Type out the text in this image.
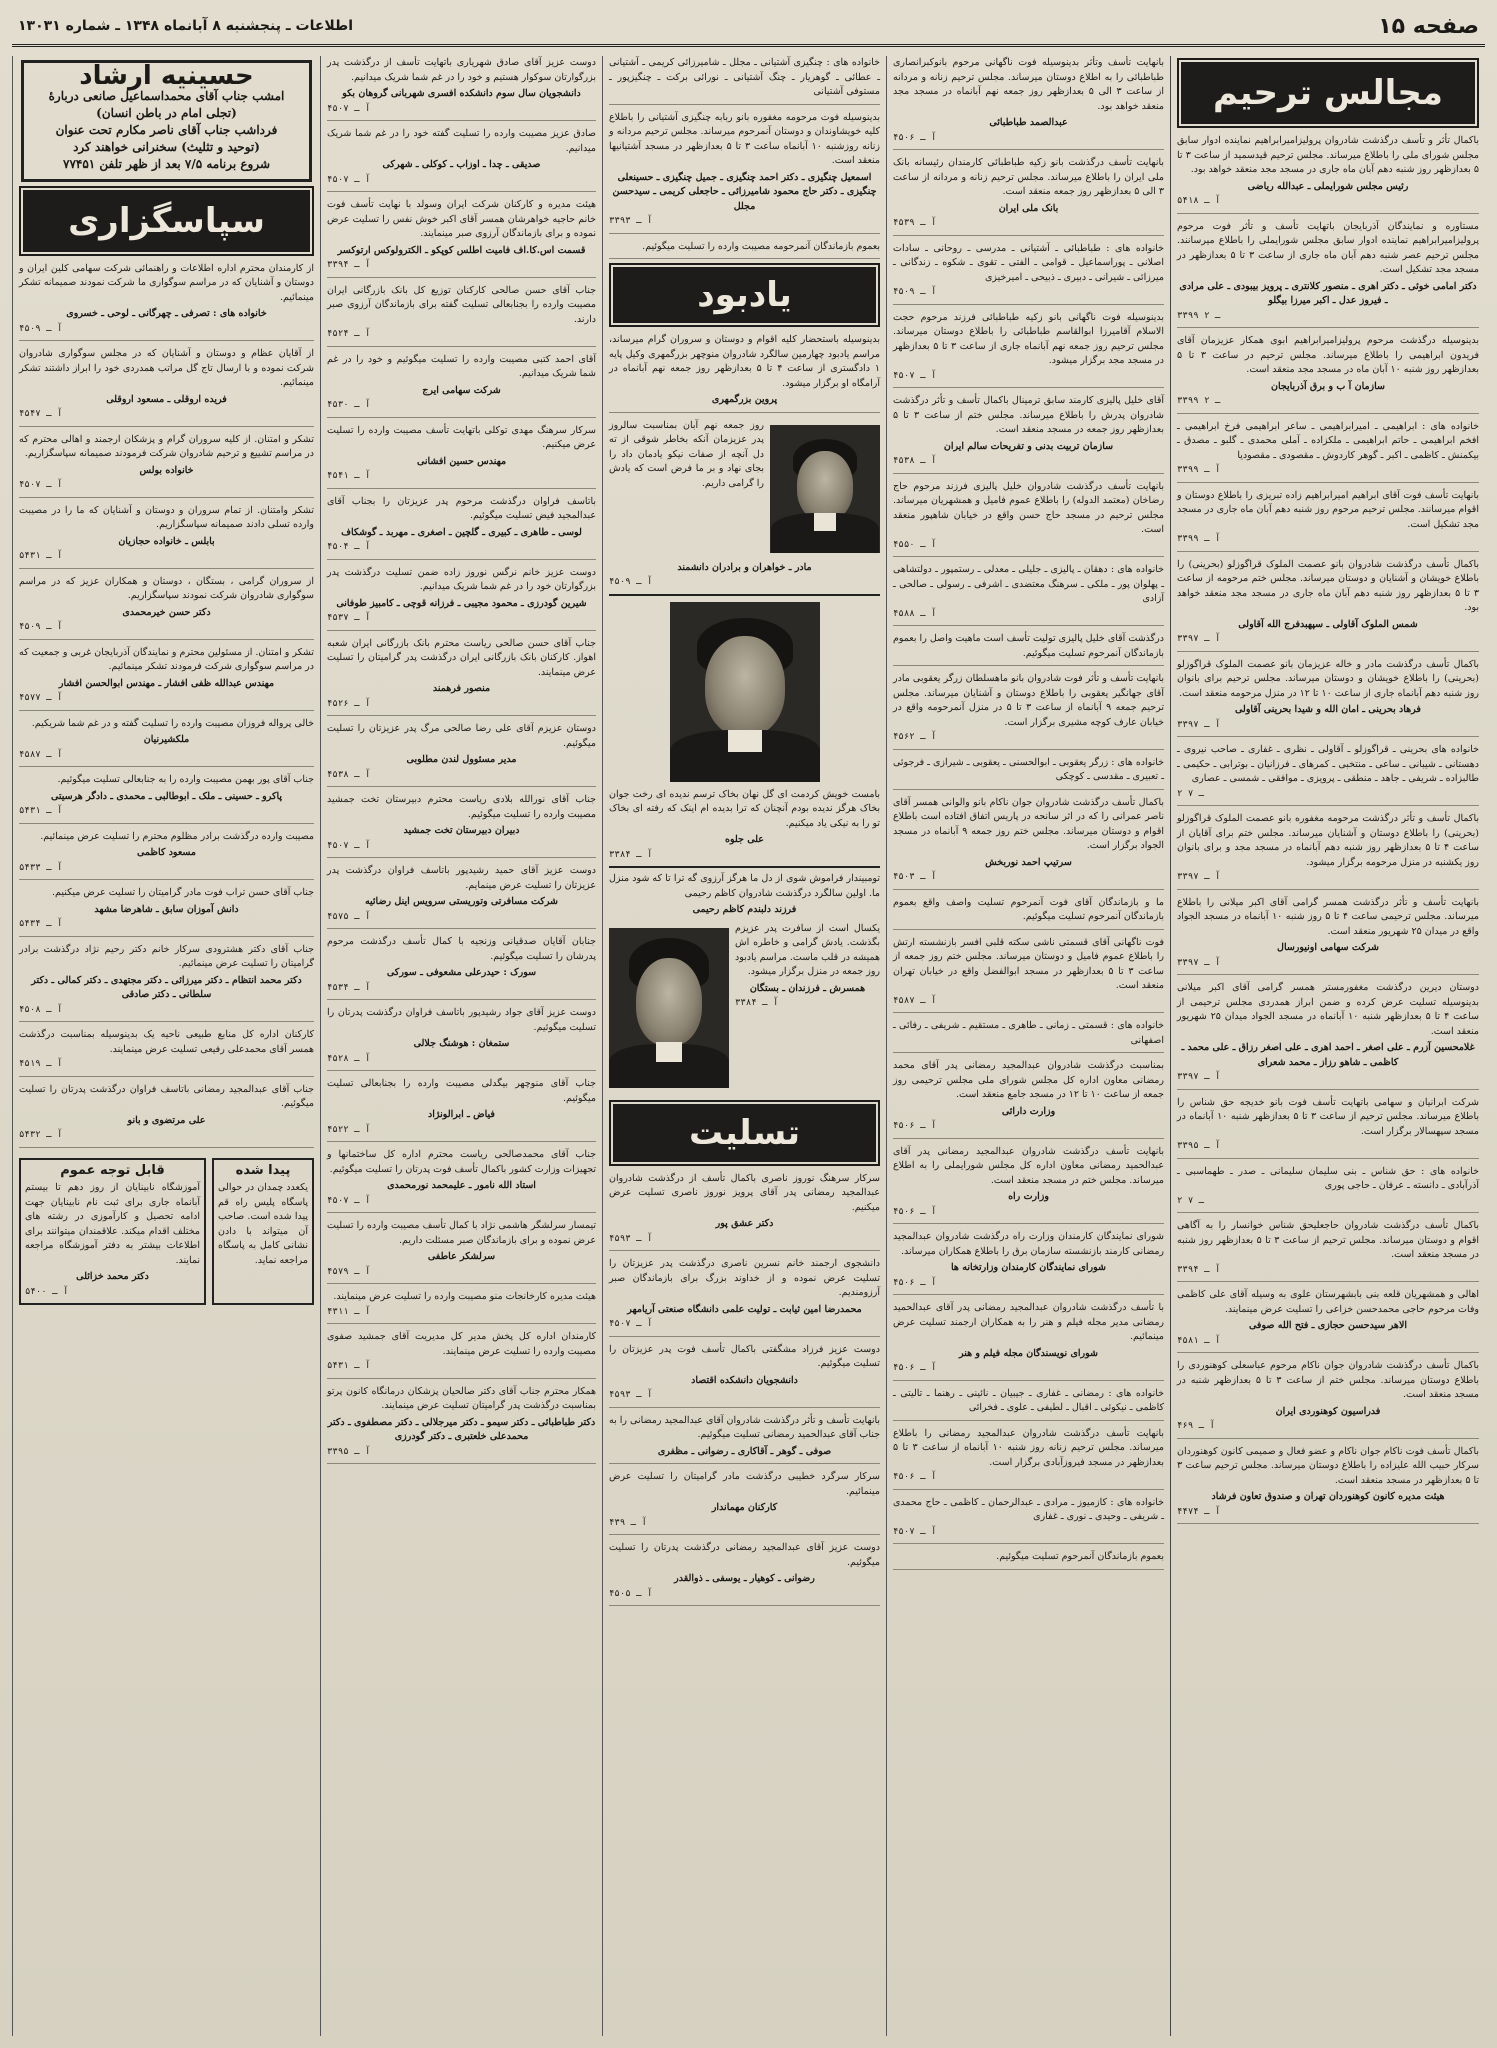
صفحه ۱۵
اطلاعات ـ پنجشنبه ۸ آبانماه ۱۳۴۸ ـ شماره ۱۳۰۳۱
مجالس ترحیم

باکمال تأثر و تأسف درگذشت شادروان پرولیزامیرابراهیم نماینده ادوار سابق مجلس شورای ملی را باطلاع میرساند. مجلس ترحیم قیدسمید از ساعت ۳ تا ۵ بعدازظهر روز شنبه دهم آبان ماه جاری در مسجد مجد منعقد خواهد بود.

رئیس مجلس شورایملی ـ عبدالله ریاضی
آ ـ ۵۴۱۸

مستاوره و نمایندگان آذربایجان باتهایت تأسف و تأثر فوت مرحوم پرولیزامیرابراهیم نماینده ادوار سابق مجلس شورایملی را باطلاع میرسانند. مجلس ترحیم عصر شنبه دهم آبان ماه جاری از ساعت ۳ تا ۵ بعدازظهر در مسجد مجد تشکیل است.

دکتر امامی خوئی ـ دکتر اهری ـ منصور کلانتری ـ پرویز بیبودی ـ علی مرادی ـ فیروز عدل ـ اکبر میرزا بیگلو
۳۳۹۹ ـ ۲

بدینوسیله درگذشت مرحوم پرولیزامیرابراهیم ابوی همکار عزیزمان آقای فریدون ابراهیمی را باطلاع میرساند. مجلس ترحیم در ساعت ۳ تا ۵ بعدازظهر روز شنبه ۱۰ آبان ماه در مسجد مجد منعقد است.

سازمان آ ب و برق آذربایجان
۳۳۹۹ ـ ۲

خانواده های : ابراهیمی ـ امیرابراهیمی ـ ساعر ابراهیمی فرخ ابراهیمی ـ افخم ابراهیمی ـ حاتم ابراهیمی ـ ملکزاده ـ آملی محمدی ـ گلبو ـ مصدق ـ بیکمنش ـ کاظمی ـ اکبر ـ گوهر کاردوش ـ مقصودی ـ مقصودیا

آ ـ ۳۳۹۹

بانهایت تأسف فوت آقای ابراهیم امیرابراهیم زاده تبریزی را باطلاع دوستان و اقوام میرسانند. مجلس ترحیم مرحوم روز شنبه دهم آبان ماه جاری در مسجد مجد تشکیل است.

آ ـ ۳۳۹۹

باکمال تأسف درگذشت شادروان بانو عصمت الملوک قراگوزلو (بحرینی) را باطلاع خویشان و آشنایان و دوستان میرساند. مجلس ختم مرحومه از ساعت ۳ تا ۵ بعدازظهر روز شنبه دهم آبان ماه جاری در مسجد مجد منعقد خواهد بود.

شمس الملوک آقاولی ـ سپهبدفرج الله آقاولی
آ ـ ۳۳۹۷

باکمال تأسف درگذشت مادر و خاله عزیزمان بانو عصمت الملوک قراگوزلو (بحرینی) را باطلاع خویشان و دوستان میرساند. مجلس ترحیم برای بانوان روز شنبه دهم آبانماه جاری از ساعت ۱۰ تا ۱۲ در منزل مرحومه منعقد است.

فرهاد بحرینی ـ امان الله و شیدا بحرینی آقاولی
آ ـ ۳۳۹۷

خانواده های بحرینی ـ قراگوزلو ـ آقاولی ـ نظری ـ غفاری ـ صاحب نیروی ـ دهستانی ـ شیبانی ـ ساعی ـ منتخبی ـ کمرهای ـ فرزانیان ـ بوترابی ـ حکیمی ـ طالبزاده ـ شریفی ـ جاهد ـ منطقی ـ پرویزی ـ موافقی ـ شمسی ـ عصاری

۲ ـ ۷

باکمال تأسف و تأثر درگذشت مرحومه مغفوره بانو عصمت الملوک قراگوزلو (بحرینی) را باطلاع دوستان و آشنایان میرساند. مجلس ختم برای آقایان از ساعت ۴ تا ۵ بعدازظهر روز شنبه دهم آبانماه در مسجد مجد و برای بانوان روز یکشنبه در منزل مرحومه برگزار میشود.

آ ـ ۳۳۹۷

بانهایت تأسف و تأثر درگذشت همسر گرامی آقای اکبر میلانی را باطلاع میرساند. مجلس ترحیمی ساعت ۴ تا ۵ روز شنبه ۱۰ آبانماه در مسجد الجواد واقع در میدان ۲۵ شهریور منعقد است.

شرکت سهامی اونیورسال
آ ـ ۳۳۹۷

دوستان دیرین درگذشت مغفورمستر همسر گرامی آقای اکبر میلانی بدینوسیله تسلیت عرض کرده و ضمن ابراز همدردی مجلس ترحیمی از ساعت ۴ تا ۵ بعدازظهر شنبه ۱۰ آبانماه در مسجد الجواد میدان ۲۵ شهریور منعقد است.

غلامحسین آزرم ـ علی اصغر ـ احمد اهری ـ علی اصغر رزاق ـ علی محمد ـ کاظمی ـ شاهو رزاز ـ محمد شعرای
آ ـ ۳۳۹۷

شرکت ابرانیان و سهامی باتهایت تأسف فوت بانو خدیجه حق شناس را باطلاع میرساند. مجلس ترحیم از ساعت ۳ تا ۵ بعدازظهر شنبه ۱۰ آبانماه در مسجد سپهسالار برگزار است.

آ ـ ۳۳۹۵

خانواده های : حق شناس ـ بنی سلیمان سلیمانی ـ صدر ـ طهماسبی ـ آذرآبادی ـ دانسته ـ عرفان ـ حاجی پوری

۲ ـ ۷

باکمال تأسف درگذشت شادروان حاجعلیحق شناس خوانسار را به آگاهی اقوام و دوستان میرساند. مجلس ترحیم از ساعت ۳ تا ۵ بعدازظهر روز شنبه در مسجد منعقد است.

آ ـ ۳۳۹۴

اهالی و همشهریان قلعه بنی بابشهرستان علوی به وسیله آقای علی کاظمی وفات مرحوم حاجی محمدحسن خزاعی را تسلیت عرض مینمایند.

الاهر سیدحسن حجازی ـ فتح الله صوفی
آ ـ ۴۵۸۱

باکمال تأسف درگذشت شادروان جوان ناکام مرحوم عباسعلی کوهنوردی را باطلاع دوستان میرساند. مجلس ختم از ساعت ۳ تا ۵ بعدازظهر شنبه در مسجد منعقد است.

فدراسیون کوهنوردی ایران
آ ـ ۴۶۹

باکمال تأسف فوت ناکام جوان ناکام و عضو فعال و صمیمی کانون کوهنوردان سرکار حبیب الله علیزاده را باطلاع دوستان میرساند. مجلس ترحیم ساعت ۳ تا ۵ بعدازظهر در مسجد منعقد است.

هیئت مدیره کانون کوهنوردان تهران و صندوق تعاون فرشاد
آ ـ ۴۴۷۴

بانهایت تأسف وتأثر بدینوسیله فوت ناگهانی مرحوم بانوکبرانصاری طباطبائی را به اطلاع دوستان میرساند. مجلس ترحیم زنانه و مردانه از ساعت ۳ الی ۵ بعدازظهر روز جمعه نهم آبانماه در مسجد مجد منعقد خواهد بود.

عبدالصمد طباطبائی
آ ـ ۴۵۰۶

بانهایت تأسف درگذشت بانو زکیه طباطبائی کارمندان رئیسانه بانک ملی ایران را باطلاع میرساند. مجلس ترحیم زنانه و مردانه از ساعت ۳ الی ۵ بعدازظهر روز جمعه منعقد است.

بانک ملی ایران
آ ـ ۴۵۳۹

خانواده های : طباطبائی ـ آشتیانی ـ مدرسی ـ روحانی ـ سادات اصلانی ـ پوراسماعیل ـ قوامی ـ الفتی ـ تقوی ـ شکوه ـ زندگانی ـ میرزائی ـ شیرانی ـ دبیری ـ ذبیحی ـ امیرخیزی

آ ـ ۴۵۰۹

بدینوسیله فوت ناگهانی بانو زکیه طباطبائی فرزند مرحوم حجت الاسلام آقامیرزا ابوالقاسم طباطبائی را باطلاع دوستان میرساند. مجلس ترحیم روز جمعه نهم آبانماه جاری از ساعت ۳ تا ۵ بعدازظهر در مسجد مجد برگزار میشود.

آ ـ ۴۵۰۷

آقای خلیل پالیزی کارمند سابق ترمینال باکمال تأسف و تأثر درگذشت شادروان پدرش را باطلاع میرساند. مجلس ختم از ساعت ۳ تا ۵ بعدازظهر روز جمعه در مسجد منعقد است.

سازمان تربیت بدنی و تفریحات سالم ایران
آ ـ ۴۵۳۸

بانهایت تأسف درگذشت شادروان خلیل پالیزی فرزند مرحوم حاج رضاخان (معتمد الدوله) را باطلاع عموم فامیل و همشهریان میرساند. مجلس ترحیم در مسجد حاج حسن واقع در خیابان شاهپور منعقد است.

آ ـ ۴۵۵۰

خانواده های : دهقان ـ پالیزی ـ جلیلی ـ معدلی ـ رستمپور ـ دولتشاهی ـ پهلوان پور ـ ملکی ـ سرهنگ معتضدی ـ اشرفی ـ رسولی ـ صالحی ـ آزادی

آ ـ ۴۵۸۸

درگذشت آقای خلیل پالیزی تولیت تأسف است ماهیت واصل را بعموم بازماندگان آنمرحوم تسلیت میگوئیم.

بانهایت تأسف و تأثر فوت شادروان بانو ماهسلطان زرگر یعقوبی مادر آقای جهانگیر یعقوبی را باطلاع دوستان و آشنایان میرساند. مجلس ترحیم جمعه ۹ آبانماه از ساعت ۳ تا ۵ در منزل آنمرحومه واقع در خیابان عارف کوچه مشیری برگزار است.

آ ـ ۴۵۶۲

خانواده های : زرگر یعقوبی ـ ابوالحسنی ـ یعقوبی ـ شیرازی ـ فرجوئی ـ تعبیری ـ مقدسی ـ کوچکی

باکمال تأسف درگذشت شادروان جوان ناکام بانو والوانی همسر آقای ناصر عمرانی را که در اثر سانحه در پاریس اتفاق افتاده است باطلاع اقوام و دوستان میرساند. مجلس ختم روز جمعه ۹ آبانماه در مسجد الجواد برگزار است.

سرتیپ احمد نوربخش
آ ـ ۴۵۰۳

ما و بازماندگان آقای فوت آنمرحوم تسلیت واصف واقع بعموم بازماندگان آنمرحوم تسلیت میگوئیم.

فوت ناگهانی آقای قسمتی ناشی سکته قلبی افسر بازنشسته ارتش را باطلاع عموم فامیل و دوستان میرساند. مجلس ختم روز جمعه از ساعت ۳ تا ۵ بعدازظهر در مسجد ابوالفضل واقع در خیابان تهران منعقد است.

آ ـ ۴۵۸۷

خانواده های : قسمتی ـ زمانی ـ طاهری ـ مستقیم ـ شریفی ـ رفائی ـ اصفهانی

بمناسبت درگذشت شادروان عبدالمجید رمضانی پدر آقای محمد رمضانی معاون اداره کل مجلس شورای ملی مجلس ترحیمی روز جمعه از ساعت ۱۰ تا ۱۲ در مسجد جامع منعقد است.

وزارت دارائی
آ ـ ۴۵۰۶

بانهایت تأسف درگذشت شادروان عبدالمجید رمضانی پدر آقای عبدالحمید رمضانی معاون اداره کل مجلس شورایملی را به اطلاع میرساند. مجلس ختم در مسجد منعقد است.

وزارت راه
آ ـ ۴۵۰۶

شورای نمایندگان کارمندان وزارت راه درگذشت شادروان عبدالمجید رمضانی کارمند بازنشسته سازمان برق را باطلاع همکاران میرساند.

شورای نمایندگان کارمندان وزارتخانه ها
آ ـ ۴۵۰۶

با تأسف درگذشت شادروان عبدالمجید رمضانی پدر آقای عبدالحمید رمضانی مدیر مجله فیلم و هنر را به همکاران ارجمند تسلیت عرض مینمائیم.

شورای نویسندگان مجله فیلم و هنر
آ ـ ۴۵۰۶

خانواده های : رمضانی ـ غفاری ـ جیبیان ـ نائینی ـ رهنما ـ تالیتی ـ کاظمی ـ نیکوئی ـ اقبال ـ لطیفی ـ علوی ـ فخرائی

بانهایت تأسف درگذشت شادروان عبدالمجید رمضانی را باطلاع میرساند. مجلس ترحیم زنانه روز شنبه ۱۰ آبانماه از ساعت ۳ تا ۵ بعدازظهر در مسجد فیروزآبادی برگزار است.

آ ـ ۴۵۰۶

خانواده های : کازمیوز ـ مرادی ـ عبدالرحمان ـ کاظمی ـ حاج محمدی ـ شریفی ـ وحیدی ـ نوری ـ غفاری

آ ـ ۴۵۰۷

بعموم بازماندگان آنمرحوم تسلیت میگوئیم.

خانواده های : چنگیزی آشتیانی ـ مجلل ـ شامیرزائی کریمی ـ آشتیانی ـ عطائی ـ گوهریار ـ چنگ آشتیانی ـ نورائی برکت ـ چنگیزپور ـ مستوفی آشتیانی

بدینوسیله فوت مرحومه مغفوره بانو ربابه چنگیزی آشتیانی را باطلاع کلیه خویشاوندان و دوستان آنمرحوم میرساند. مجلس ترحیم مردانه و زنانه روزشنبه ۱۰ آبانماه ساعت ۳ تا ۵ بعدازظهر در مسجد آشتیانیها منعقد است.

اسمعیل چنگیزی ـ دکتر احمد چنگیزی ـ جمیل چنگیزی ـ حسینعلی چنگیزی ـ دکتر حاج محمود شامیرزائی ـ حاجعلی کریمی ـ سیدحسن مجلل
آ ـ ۳۳۹۳

بعموم بازماندگان آنمرحومه مصیبت وارده را تسلیت میگوئیم.

یادبود

بدینوسیله باستحضار کلیه اقوام و دوستان و سروران گرام میرساند، مراسم یادبود چهارمین سالگرد شادروان منوچهر بزرگمهری وکیل پایه ۱ دادگستری از ساعت ۴ تا ۵ بعدازظهر روز جمعه نهم آبانماه در آرامگاه او برگزار میشود.

پروین بزرگمهری

روز جمعه نهم آبان بمناسبت سالروز پدر عزیزمان آنکه بخاطر شوقی از ته دل آنچه از صفات نیکو یادمان داد را بجای نهاد و بر ما فرض است که یادش را گرامی داریم.

مادر ـ خواهران و برادران دانشمند
آ ـ ۴۵۰۹

بامست خویش کردمت ای گل نهان بخاک ترسم ندیده ای رخت جوان بخاک هرگز ندیده بودم آنچنان که ترا بدیده ام اینک که رفته ای بخاک تو را به نیکی یاد میکنیم.

علی جلوه
آ ـ ۳۳۸۴

تومبیندار فراموش شوی از دل ما هرگز آرزوی گه ترا تا که شود منزل ما. اولین سالگرد درگذشت شادروان کاظم رحیمی

فرزند دلبندم کاظم رحیمی

یکسال است از سافرت پدر عزیزم بگذشت. یادش گرامی و خاطره اش همیشه در قلب ماست. مراسم یادبود روز جمعه در منزل برگزار میشود.

همسرش ـ فرزندان ـ بستگان
آ ـ ۳۳۸۴
تسلیت

سرکار سرهنگ نوروز ناصری باکمال تأسف از درگذشت شادروان عبدالمجید رمضانی پدر آقای پرویز نوروز ناصری تسلیت عرض میکنیم.

دکتر عشق پور
آ ـ ۴۵۹۳

دانشجوی ارجمند خانم نسرین ناصری درگذشت پدر عزیزتان را تسلیت عرض نموده و از خداوند بزرگ برای بازماندگان صبر آرزومندیم.

محمدرضا امین ثیابت ـ تولیت علمی دانشگاه صنعتی آریامهر
آ ـ ۴۵۰۷

دوست عزیز فرزاد مشگفتی باکمال تأسف فوت پدر عزیزتان را تسلیت میگوئیم.

دانشجویان دانشکده اقتصاد
آ ـ ۴۵۹۳

بانهایت تأسف و تأثر درگذشت شادروان آقای عبدالمجید رمضانی را به جناب آقای عبدالحمید رمضانی تسلیت میگوئیم.

صوفی ـ گوهر ـ آقاکاری ـ رضوانی ـ مظفری

سرکار سرگرد خطیبی درگذشت مادر گرامیتان را تسلیت عرض مینمائیم.

کارکنان مهماندار
آ ـ ۴۳۹

دوست عزیز آقای عبدالمجید رمضانی درگذشت پدرتان را تسلیت میگوئیم.

رضوانی ـ کوهیار ـ یوسفی ـ ذوالقدر
آ ـ ۴۵۰۵

دوست عزیز آقای صادق شهریاری باتهایت تأسف از درگذشت پدر بزرگوارتان سوکوار هستیم و خود را در غم شما شریک میدانیم.

دانشجویان سال سوم دانشکده افسری شهربانی گروهان بکو
آ ـ ۴۵۰۷

صادق عزیز مصیبت وارده را تسلیت گفته خود را در غم شما شریک میدانیم.

صدیقی ـ چدا ـ اوزاب ـ کوکلی ـ شهرکی
آ ـ ۴۵۰۷

هیئت مدیره و کارکنان شرکت ایران وسولد با نهایت تأسف فوت خانم حاجیه خواهرشان همسر آقای اکبر خوش نفس را تسلیت عرض نموده و برای بازماندگان آرزوی صبر مینمایند.

قسمت اس.کا.اف فامیت اطلس کوپکو ـ الکترولوکس ارتوکسر
آ ـ ۳۳۹۴

جناب آقای حسن صالحی کارکنان توزیع کل بانک بازرگانی ایران مصیبت وارده را بجنابعالی تسلیت گفته برای بازماندگان آرزوی صبر دارند.

آ ـ ۴۵۲۴

آقای احمد کتبی مصیبت وارده را تسلیت میگوئیم و خود را در غم شما شریک میدانیم.

شرکت سهامی ایرج
آ ـ ۴۵۳۰

سرکار سرهنگ مهدی توکلی باتهایت تأسف مصیبت وارده را تسلیت عرض میکنیم.

مهندس حسین افشانی
آ ـ ۴۵۴۱

باتاسف فراوان درگذشت مرحوم پدر عزیزتان را بجناب آقای عبدالمجید فیض تسلیت میگوئیم.

لوسی ـ طاهری ـ کبیری ـ گلچین ـ اصغری ـ مهربد ـ گوشکاف
آ ـ ۴۵۰۴

دوست عزیز خانم نرگس نوروز زاده ضمن تسلیت درگذشت پدر بزرگوارتان خود را در غم شما شریک میدانیم.

شیرین گودرزی ـ محمود مجیبی ـ فرزانه قوچی ـ کامبیز طوفانی
آ ـ ۴۵۳۷

جناب آقای حسن صالحی ریاست محترم بانک بازرگانی ایران شعبه اهواز. کارکنان بانک بازرگانی ایران درگذشت پدر گرامیتان را تسلیت عرض مینمایند.

منصور فرهمند
آ ـ ۴۵۲۶

دوستان عزیزم آقای علی رضا صالحی مرگ پدر عزیزتان را تسلیت میگوئیم.

مدیر مسئوول لندن مطلوبی
آ ـ ۴۵۳۸

جناب آقای نورالله بلادی ریاست محترم دبیرستان تخت جمشید مصیبت وارده را تسلیت میگوئیم.

دبیران دبیرستان تخت جمشید
آ ـ ۴۵۰۷

دوست عزیز آقای حمید رشیدپور باتاسف فراوان درگذشت پدر عزیزتان را تسلیت عرض مینمایم.

شرکت مسافرتی وتوریستی سرویس اینل رضائیه
آ ـ ۴۵۷۵

جنابان آقایان صدقیانی وزنجیه با کمال تأسف درگذشت مرحوم پدرشان را تسلیت میگوئیم.

سورک : حیدرعلی مشعوفی ـ سورکی
آ ـ ۴۵۳۴

دوست عزیز آقای جواد رشیدپور باتاسف فراوان درگذشت پدرتان را تسلیت میگوئیم.

ستمغان : هوشنگ جلالی
آ ـ ۴۵۲۸

جناب آقای منوچهر بیگدلی مصیبت وارده را بجنابعالی تسلیت میگوئیم.

فیاض ـ ابرالونژاد
آ ـ ۴۵۲۲

جناب آقای محمدصالحی ریاست محترم اداره کل ساختمانها و تجهیزات وزارت کشور باکمال تأسف فوت پدرتان را تسلیت میگوئیم.

استاد الله نامور ـ علیمحمد نورمحمدی
آ ـ ۴۵۰۷

تیمسار سرلشگر هاشمی نژاد با کمال تأسف مصیبت وارده را تسلیت عرض نموده و برای بازماندگان صبر مسئلت داریم.

سرلشکر عاطفی
آ ـ ۴۵۷۹

هیئت مدیره کارخانجات منو مصیبت وارده را تسلیت عرض مینمایند.

آ ـ ۴۳۱۱

کارمندان اداره کل پخش مدیر کل مدیریت آقای جمشید صفوی مصیبت وارده را تسلیت عرض مینمایند.

آ ـ ۵۴۳۱

همکار محترم جناب آقای دکتر صالحیان پزشکان درمانگاه کانون پرتو بمناسبت درگذشت پدر گرامیتان تسلیت عرض مینمایند.

دکتر طباطبائی ـ دکتر سیمو ـ دکتر میرجلالی ـ دکتر مصطفوی ـ دکتر محمدعلی خلعتبری ـ دکتر گودرزی
آ ـ ۳۳۹۵
حسینیه ارشاد

امشب جناب آقای محمداسماعیل صانعی دربارۀ

(تجلی امام در باطن انسان)

فرداشب جناب آقای ناصر مکارم تحت عنوان

(توحید و تثلیث) سخنرانی خواهند کرد

شروع برنامه ۷/۵ بعد از ظهر تلفن ۷۷۴۵۱

سپاسگزاری

از کارمندان محترم اداره اطلاعات و راهنمائی شرکت سهامی کلین ایران و دوستان و آشنایان که در مراسم سوگواری ما شرکت نمودند صمیمانه تشکر مینمائیم.

خانواده های : تصرفی ـ چهرگانی ـ لوحی ـ خسروی
آ ـ ۴۵۰۹

از آقایان عظام و دوستان و آشنایان که در مجلس سوگواری شادروان شرکت نموده و با ارسال تاج گل مراتب همدردی خود را ابراز داشتند تشکر مینمائیم.

فریده اروقلی ـ مسعود اروقلی
آ ـ ۴۵۴۷

تشکر و امتنان. از کلیه سروران گرام و پزشکان ارجمند و اهالی محترم که در مراسم تشییع و ترحیم شادروان شرکت فرمودند صمیمانه سپاسگزاریم.

خانواده بولس
آ ـ ۴۵۰۷

تشکر وامتنان. از تمام سروران و دوستان و آشنایان که ما را در مصیبت وارده تسلی دادند صمیمانه سپاسگزاریم.

بابلس ـ خانواده حجازیان
آ ـ ۵۴۳۱

از سروران گرامی ، بستگان ، دوستان و همکاران عزیز که در مراسم سوگواری شادروان شرکت نمودند سپاسگزاریم.

دکتر حسن خیرمحمدی
آ ـ ۴۵۰۹

تشکر و امتنان. از مسئولین محترم و نمایندگان آذربایجان غربی و جمعیت که در مراسم سوگواری شرکت فرمودند تشکر مینمائیم.

مهندس عبدالله ظفی افشار ـ مهندس ابوالحسن افشار
آ ـ ۴۵۷۷

خالی پرواله فروزان مصیبت وارده را تسلیت گفته و در غم شما شریکیم.

ملکشیرنیان
آ ـ ۴۵۸۷

جناب آقای پور بهمن مصیبت وارده را به جنابعالی تسلیت میگوئیم.

پاکرو ـ حسینی ـ ملک ـ ابوطالبی ـ محمدی ـ دادگر هرسیتی
آ ـ ۵۴۳۱

مصیبت وارده درگذشت برادر مظلوم محترم را تسلیت عرض مینمائیم.

مسعود کاظمی
آ ـ ۵۴۳۳

جناب آقای حسن تراب فوت مادر گرامیتان را تسلیت عرض میکنیم.

دانش آموزان سابق ـ شاهرضا مشهد
آ ـ ۵۴۳۴

جناب آقای دکتر هشترودی سرکار خانم دکتر رحیم نژاد درگذشت برادر گرامیتان را تسلیت عرض مینمائیم.

دکتر محمد انتظام ـ دکتر میرزائی ـ دکتر مجتهدی ـ دکتر کمالی ـ دکتر سلطانی ـ دکتر صادقی
آ ـ ۴۵۰۸

کارکنان اداره کل منابع طبیعی ناحیه یک بدینوسیله بمناسبت درگذشت همسر آقای محمدعلی رفیعی تسلیت عرض مینمایند.

آ ـ ۴۵۱۹

جناب آقای عبدالمجید رمضانی باتاسف فراوان درگذشت پدرتان را تسلیت میگوئیم.

علی مرتضوی و بانو
آ ـ ۵۴۳۲
پیدا شده

یکعدد چمدان در حوالی پاسگاه پلیس راه قم پیدا شده است. صاحب آن میتواند با دادن نشانی کامل به پاسگاه مراجعه نماید.

قابل توجه عموم

آموزشگاه نابینایان از روز دهم تا بیستم آبانماه جاری برای ثبت نام نابینایان جهت ادامه تحصیل و کارآموزی در رشته های مختلف اقدام میکند. علاقمندان میتوانند برای اطلاعات بیشتر به دفتر آموزشگاه مراجعه نمایند.

دکتر محمد خزائلی
آ ـ ۵۴۰۰
